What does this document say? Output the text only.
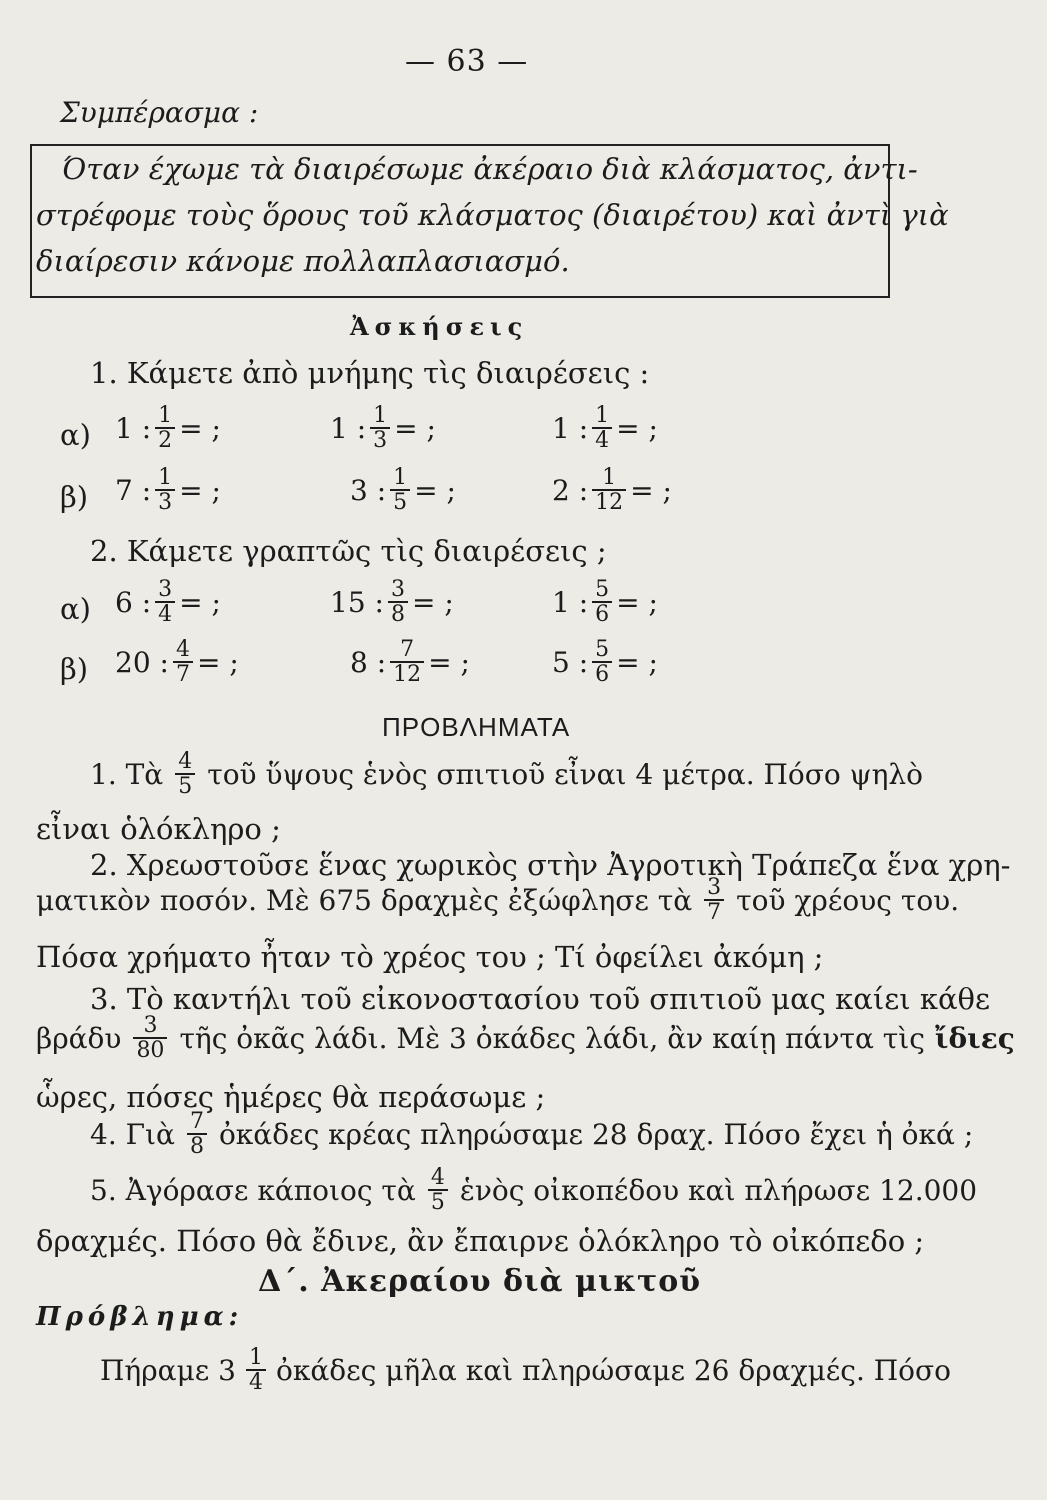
— 63 —
Συμπέρασμα :
Όταν έχωμε τὰ διαιρέσωμε ἀκέραιο διὰ κλάσματος, ἀντι-
στρέφομε τοὺς ὅρους τοῦ κλάσματος (διαιρέτου) καὶ ἀντὶ γιὰ
διαίρεσιν κάνομε πολλαπλασιασμό.
Ἀσκήσεις
1. Κάμετε ἀπὸ μνήμης τὶς διαιρέσεις :
α) 1 : $\frac{1}{2}$ = ;	1 : $\frac{1}{3}$ = ;	1 : $\frac{1}{4}$ = ;
β) 7 : $\frac{1}{3}$ = ;	3 : $\frac{1}{5}$ = ;	2 : $\frac{1}{12}$ = ;
2. Κάμετε γραπτῶς τὶς διαιρέσεις ;
α) 6 : $\frac{3}{4}$ = ;	15 : $\frac{3}{8}$ = ;	1 : $\frac{5}{6}$ = ;
β) 20 : $\frac{4}{7}$ = ;	8 : $\frac{7}{12}$ = ;	5 : $\frac{5}{6}$ = ;
ΠΡΟΒΛΗΜΑΤΑ
1. Τὰ $\frac{4}{5}$ τοῦ ὕψους ἑνὸς σπιτιοῦ εἶναι 4 μέτρα. Πόσο ψηλὸ
εἶναι ὁλόκληρο ;
2. Χρεωστοῦσε ἕνας χωρικὸς στὴν Ἀγροτικὴ Τράπεζα ἕνα χρη-
ματικὸν ποσόν. Μὲ 675 δραχμὲς ἐξώφλησε τὰ $\frac{3}{7}$ τοῦ χρέους του.
Πόσα χρήματο ἦταν τὸ χρέος του ; Τί ὀφείλει ἀκόμη ;
3. Τὸ καντήλι τοῦ εἰκονοστασίου τοῦ σπιτιοῦ μας καίει κάθε
βράδυ $\frac{3}{80}$ τῆς ὀκᾶς λάδι. Μὲ 3 ὀκάδες λάδι, ἂν καίῃ πάντα τὶς ἴδιες
ὧρες, πόσες ἡμέρες θὰ περάσωμε ;
4. Γιὰ $\frac{7}{8}$ ὀκάδες κρέας πληρώσαμε 28 δραχ. Πόσο ἔχει ἡ ὀκά ;
5. Ἀγόρασε κάποιος τὰ $\frac{4}{5}$ ἑνὸς οἰκοπέδου καὶ πλήρωσε 12.000
δραχμές. Πόσο θὰ ἔδινε, ἂν ἔπαιρνε ὁλόκληρο τὸ οἰκόπεδο ;
Δ΄. Ἀκεραίου διὰ μικτοῦ
Πρόβλημα:
Πήραμε $3 \frac{1}{4}$ ὀκάδες μῆλα καὶ πληρώσαμε 26 δραχμές. Πόσο
